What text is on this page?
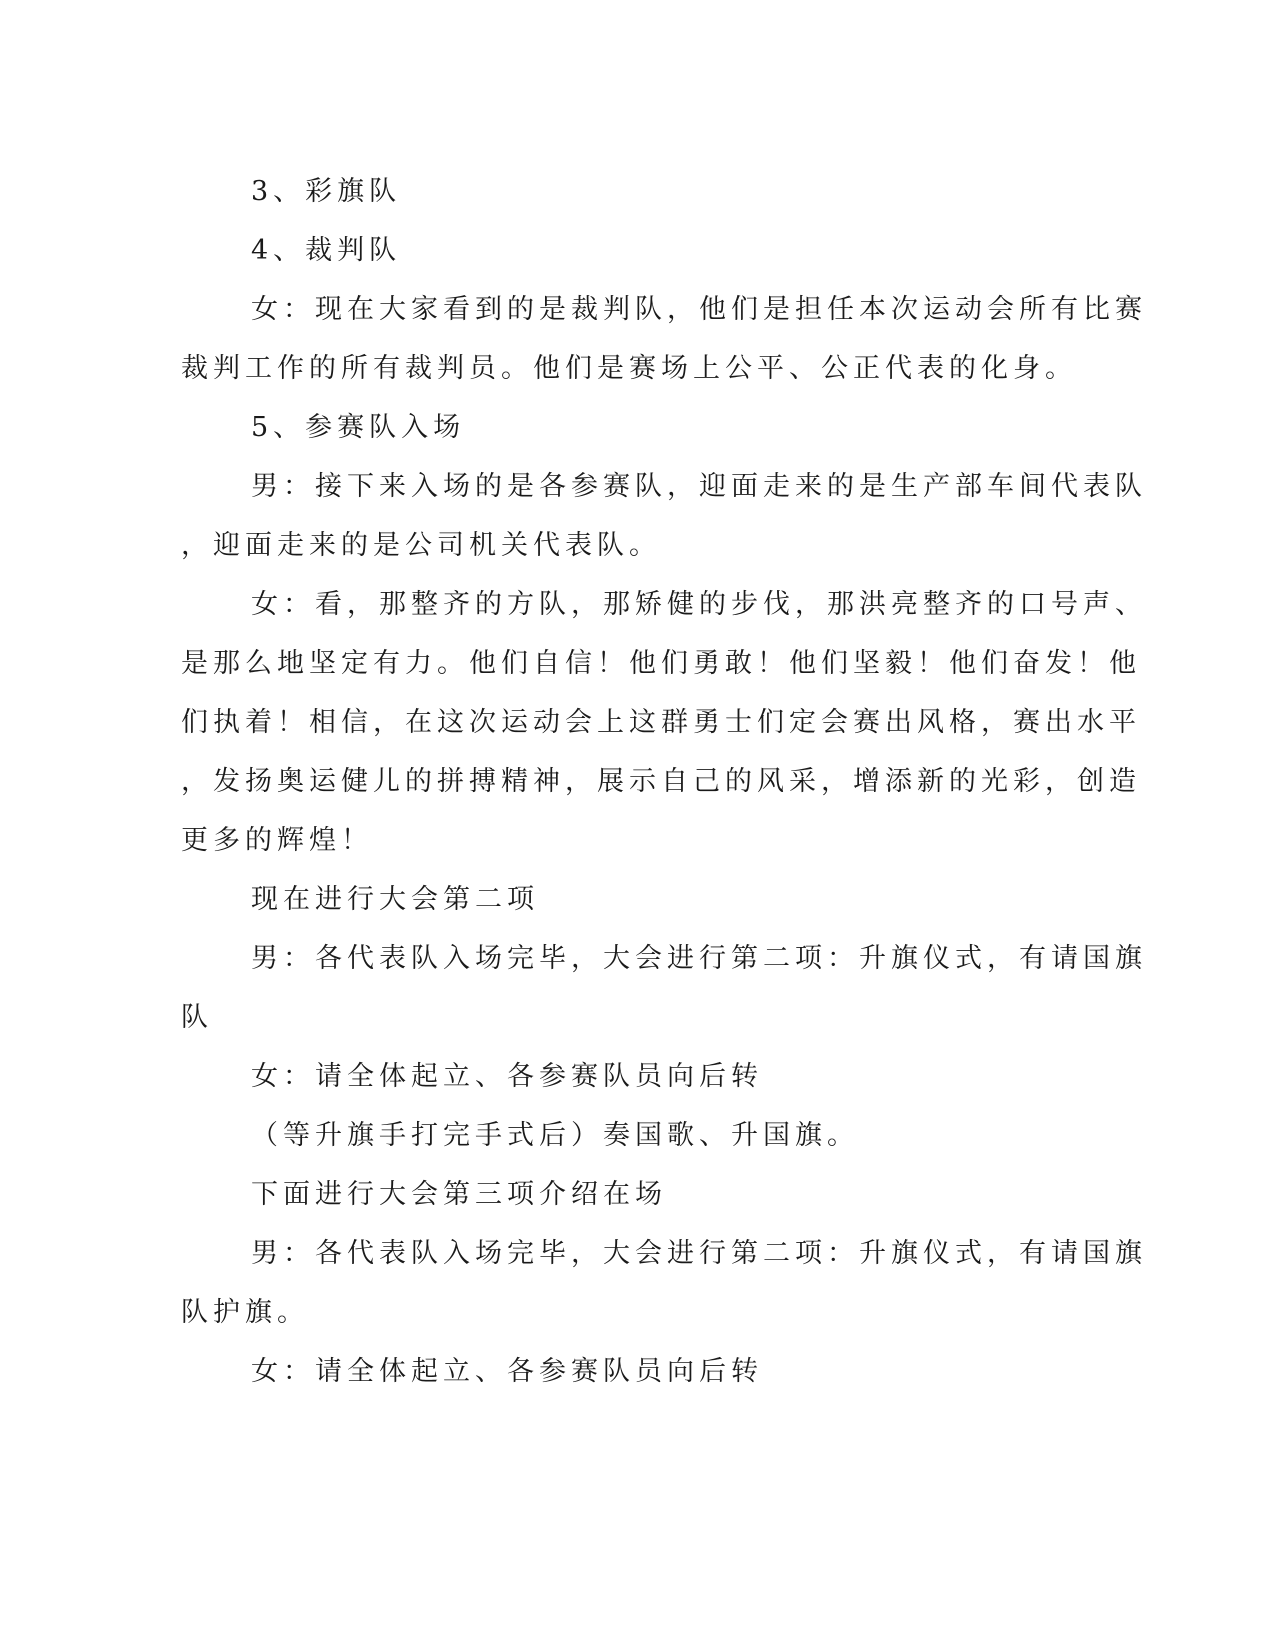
3、彩旗队

4、裁判队

女：现在大家看到的是裁判队，他们是担任本次运动会所有比赛
裁判工作的所有裁判员。他们是赛场上公平、公正代表的化身。

5、参赛队入场

男：接下来入场的是各参赛队，迎面走来的是生产部车间代表队
，迎面走来的是公司机关代表队。

女：看，那整齐的方队，那矫健的步伐，那洪亮整齐的口号声、
是那么地坚定有力。他们自信！他们勇敢！他们坚毅！他们奋发！他
们执着！相信，在这次运动会上这群勇士们定会赛出风格，赛出水平
，发扬奥运健儿的拼搏精神，展示自己的风采，增添新的光彩，创造
更多的辉煌！

现在进行大会第二项

男：各代表队入场完毕，大会进行第二项：升旗仪式，有请国旗
队

女：请全体起立、各参赛队员向后转

（等升旗手打完手式后）奏国歌、升国旗。

下面进行大会第三项介绍在场

男：各代表队入场完毕，大会进行第二项：升旗仪式，有请国旗
队护旗。

女：请全体起立、各参赛队员向后转
